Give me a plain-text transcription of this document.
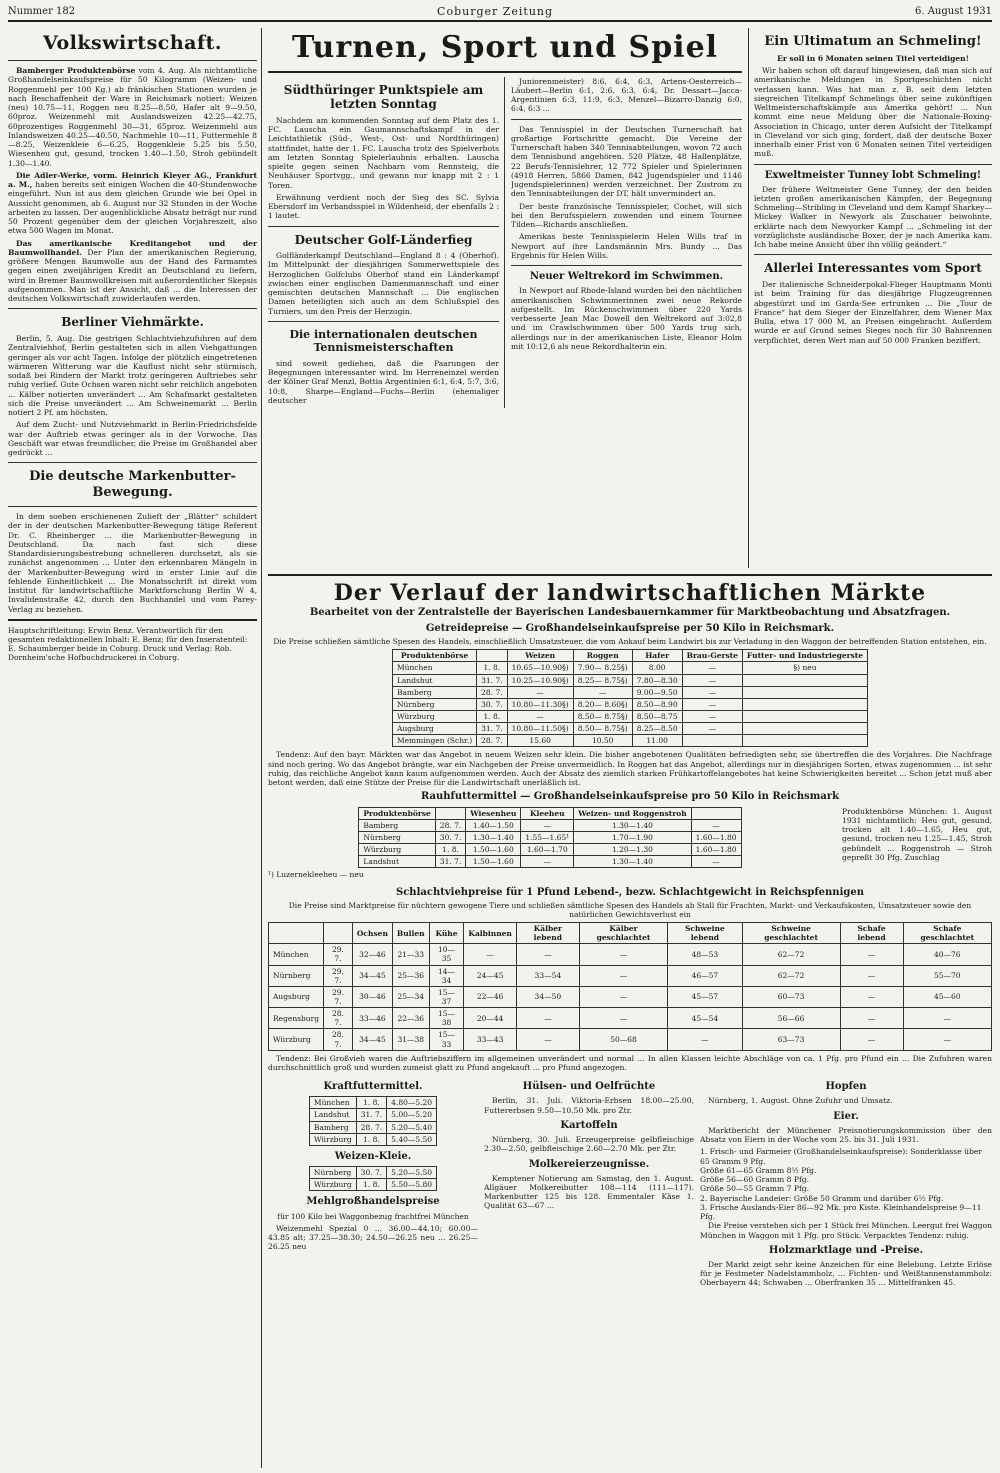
Nummer 182	Coburger Zeitung	6. August 1931
Volkswirtschaft.

Bamberger Produktenbörse vom 4. Aug. Als nichtamtliche Großhandelseinkaufspreise für 50 Kilogramm (Weizen- und Roggenmehl per 100 Kg.) ab fränkischen Stationen wurden je nach Beschaffenheit der Ware in Reichsmark notiert: Weizen (neu) 10.75—11, Roggen neu 8.25—8.50, Hafer alt 9—9.50, 60proz. Weizenmehl mit Auslandsweizen 42.25—42.75, 60prozentiges Roggenmehl 30—31, 65proz. Weizenmehl aus Inlandsweizen 40.25—40.50, Nachmehle 10—11, Futtermehle 8—8.25, Weizenkleie 6—6.25, Roggenkleie 5.25 bis 5.50, Wiesenheu gut, gesund, trocken 1.40—1.50, Stroh gebündelt 1.30—1.40.

Die Adler-Werke, vorm. Heinrich Kleyer AG., Frankfurt a. M., haben bereits seit einigen Wochen die 40-Stundenwoche eingeführt. Nun ist aus dem gleichen Grunde wie bei Opel in Aussicht genommen, ab 6. August nur 32 Stunden in der Woche arbeiten zu lassen. Der augenblickliche Absatz beträgt nur rund 50 Prozent gegenüber dem der gleichen Vorjahreszeit, also etwa 500 Wagen im Monat.

Das amerikanische Kreditangebot und der Baumwollhandel. Der Plan der amerikanischen Regierung, größere Mengen Baumwolle aus der Hand des Farmamtes gegen einen zweijährigen Kredit an Deutschland zu liefern, wird in Bremer Baumwollkreisen mit außerordentlicher Skepsis aufgenommen. Man ist der Ansicht, daß ... die Interessen der deutschen Volkswirtschaft zuwiderlaufen werden.

Berliner Viehmärkte.

Berlin, 5. Aug. Die gestrigen Schlachtviehzufuhren auf dem Zentralviehhof, Berlin gestalteten sich in allen Viehgattungen geringer als vor acht Tagen. Infolge der plötzlich eingetretenen wärmeren Witterung war die Kauflust nicht sehr stürmisch, sodaß bei Rindern der Markt trotz geringeren Auftriebes sehr ruhig verlief. Gute Ochsen waren nicht sehr reichlich angeboten ... Kälber notierten unverändert ... Am Schafmarkt gestalteten sich die Preise unverändert ... Am Schweinemarkt ... Berlin notiert 2 Pf. am höchsten.

Auf dem Zucht- und Nutzviehmarkt in Berlin-Friedrichsfelde war der Auftrieb etwas geringer als in der Vorwoche. Das Geschäft war etwas freundlicher, die Preise im Großhandel aber gedrückt ...

Die deutsche Markenbutter-Bewegung.

In dem soeben erschienenen Zulieft der „Blätter“ schildert der in der deutschen Markenbutter-Bewegung tätige Referent Dr. C. Rheinberger ... die Markenbutter-Bewegung in Deutschland. Da nach fast sich diese Standardisierungsbestrebung schnelleren durchsetzt, als sie zunächst angenommen ... Unter den erkennbaren Mängeln in der Markenbutter-Bewegung wird in erster Linie auf die fehlende Einheitlichkeit ... Die Monatsschrift ist direkt vom Institut für landwirtschaftliche Marktforschung Berlin W 4, Invalidenstraße 42, durch den Buchhandel und vom Parey-Verlag zu beziehen.

Hauptschriftleitung: Erwin Benz. Verantwortlich für den gesamten redaktionellen Inhalt: E. Benz; für den Inseratenteil: E. Schaumberger beide in Coburg. Druck und Verlag: Rob. Dornheim'sche Hofbuchdruckerei in Coburg.
Turnen, Sport und Spiel
Südthüringer Punktspiele am letzten Sonntag

Nachdem am kommenden Sonntag auf dem Platz des 1. FC. Lauscha ein Gaumannschaftskampf in der Leichtathletik (Süd-, West-, Ost- und Nordthüringen) stattfindet, hatte der 1. FC. Lauscha trotz des Spielverbots am letzten Sonntag Spielerlaubnis erhalten. Lauscha spielte gegen seinen Nachbarn vom Rennsteig, die Neuhäuser Sportvgg., und gewann nur knapp mit 2 : 1 Toren.

Erwähnung verdient noch der Sieg des SC. Sylvia Ebersdorf im Verbandsspiel in Wildenheid, der ebenfalls 2 : 1 lautet.

Deutscher Golf-Länderfieg

Golfländerkampf Deutschland—England 8 : 4 (Oberhof). Im Mittelpunkt der diesjährigen Sommerwettspiele des Herzoglichen Golfclubs Oberhof stand ein Länderkampf zwischen einer englischen Damenmannschaft und einer gemischten deutschen Mannschaft ... Die englischen Damen beteiligten sich auch an dem Schlußspiel des Turniers, um den Preis der Herzogin.

Die internationalen deutschen Tennismeisterschaften

sind soweit gediehen, daß die Paarungen der Begegnungen interessanter wird. Im Herreneinzel werden der Kölner Graf Menzl, Bottia Argentinien 6:1, 6:4, 5:7, 3:6, 10:8, Sharpe—England—Fuchs—Berlin (ehemaliger deutscher

Juniorenmeister) 8:6, 6:4, 6:3, Artens-Oesterreich—Läubert—Berlin 6:1, 2:6, 6:3, 6:4, Dr. Dessart—Jacca-Argentinien 6:3, 11:9, 6:3, Menzel—Bizarro-Danzig 6:0, 6:4, 6:3 ...

Das Tennisspiel in der Deutschen Turnerschaft hat großartige Fortschritte gemacht. Die Vereine der Turnerschaft haben 340 Tennisabteilungen, wovon 72 auch dem Tennisbund angehören. 520 Plätze, 48 Hallenplätze, 22 Berufs-Tennislehrer, 12 772 Spieler und Spielerinnen (4918 Herren, 5866 Damen, 842 Jugendspieler und 1146 Jugendspielerinnen) werden verzeichnet. Der Zustrom zu den Tennisabteilungen der DT. hält unvermindert an.

Der beste französische Tennisspieler, Cochet, will sich bei den Berufsspielern zuwenden und einem Tournee Tilden—Richards anschließen.

Amerikas beste Tennisspielerin Helen Wills traf in Newport auf ihre Landsmännin Mrs. Bundy ... Das Ergebnis für Helen Wills.

Neuer Weltrekord im Schwimmen.

In Newport auf Rhode-Island wurden bei den nächtlichen amerikanischen Schwimmerinnen zwei neue Rekorde aufgestellt. Im Rückenschwimmen über 220 Yards verbesserte Jean Mac Dowell den Weltrekord auf 3:02,8 und im Crawlschwimmen über 500 Yards trug sich, allerdings nur in der amerikanischen Liste, Eleanor Holm mit 10:12,6 als neue Rekordhalterin ein.

Ein Ultimatum an Schmeling!
Er soll in 6 Monaten seinen Titel verteidigen!

Wir haben schon oft darauf hingewiesen, daß man sich auf amerikanische Meldungen in Sportgeschichten nicht verlassen kann. Was hat man z. B. seit dem letzten siegreichen Titelkampf Schmelings über seine zukünftigen Weltmeisterschaftskämpfe aus Amerika gehört! ... Nun kommt eine neue Meldung über die Nationale-Boxing-Association in Chicago, unter deren Aufsicht der Titelkampf in Cleveland vor sich ging, fordert, daß der deutsche Boxer innerhalb einer Frist von 6 Monaten seinen Titel verteidigen muß.

Exweltmeister Tunney lobt Schmeling!

Der frühere Weltmeister Gene Tunney, der den beiden letzten großen amerikanischen Kämpfen, der Begegnung Schmeling—Stribling in Cleveland und dem Kampf Sharkey—Mickey Walker in Newyork als Zuschauer beiwohnte, erklärte nach dem Newyorker Kampf ... „Schmeling ist der vorzüglichste ausländische Boxer, der je nach Amerika kam. Ich habe meine Ansicht über ihn völlig geändert.“

Allerlei Interessantes vom Sport

Der italienische Schneiderpokal-Flieger Hauptmann Monti ist beim Training für das diesjährige Flugzeugrennen abgestürzt und im Garda-See ertrunken ... Die „Tour de France“ hat dem Sieger der Einzelfahrer, dem Wiener Max Bulla, etwa 17 000 M. an Preisen eingebracht. Außerdem wurde er auf Grund seines Sieges noch für 30 Bahnrennen verpflichtet, deren Wert man auf 50 000 Franken beziffert.

Der Verlauf der landwirtschaftlichen Märkte
Bearbeitet von der Zentralstelle der Bayerischen Landesbauernkammer für Marktbeobachtung und Absatzfragen.
Getreidepreise — Großhandelseinkaufspreise per 50 Kilo in Reichsmark.
Die Preise schließen sämtliche Spesen des Handels, einschließlich Umsatzsteuer, die vom Ankauf beim Landwirt bis zur Verladung in den Waggon der betreffenden Station entstehen, ein.
Produktenbörse		Weizen	Roggen	Hafer	Brau-Gerste	Futter- und Industriegerste
München	1. 8.	10.65—10.90§)	7.90— 8.25§)	8.00	—	§) neu
Landshut	31. 7.	10.25—10.90§)	8.25— 8.75§)	7.80—8.30	—	
Bamberg	28. 7.	—	—	9.00—9.50	—	
Nürnberg	30. 7.	10.80—11.30§)	8.20— 8.60§)	8.50—8.90	—	
Würzburg	1. 8.	—	8.50— 8.75§)	8.50—8.75	—	
Augsburg	31. 7.	10.80—11.50§)	8.50— 8.75§)	8.25—8.50	—	
Memmingen (Schr.)	28. 7.	15.60	10.50	11.00		

Tendenz: Auf den bayr. Märkten war das Angebot in neuem Weizen sehr klein. Die bisher angebotenen Qualitäten befriedigten sehr, sie übertreffen die des Vorjahres. Die Nachfrage sind noch gering. Wo das Angebot brängte, war ein Nachgeben der Preise unvermeidlich. In Roggen hat das Angebot, allerdings nur in diesjährigen Sorten, etwas zugenommen ... ist sehr ruhig, das reichliche Angebot kann kaum aufgenommen werden. Auch der Absatz des ziemlich starken Frühkartoffelangebotes hat keine Schwierigkeiten bereitet ... Schon jetzt muß aber betont werden, daß eine Stütze der Preise für die Landwirtschaft unerläßlich ist.

Rauhfuttermittel — Großhandelseinkaufspreise pro 50 Kilo in Reichsmark
Produktenbörse		Wiesenheu	Kleeheu	Weizen- und Roggenstroh	
Bamberg	28. 7.	1.40—1.50	—	1.30—1.40	—
Nürnberg	30. 7.	1.30—1.40	1.55—1.65¹	1.70—1.90	1.60—1.80
Würzburg	1. 8.	1.50—1.60	1.60—1.70	1.20—1.30	1.60—1.80
Landshut	31. 7.	1.50—1.60	—	1.30—1.40	—
¹) Luzernekleeheu — neu

Produktenbörse München: 1. August 1931 nichtamtlich: Heu gut, gesund, trocken alt 1.40—1.65, Heu gut, gesund, trocken neu 1.25—1.45, Stroh gebündelt ... Roggenstroh — Stroh gepreßt 30 Pfg. Zuschlag

Schlachtviehpreise für 1 Pfund Lebend-, bezw. Schlachtgewicht in Reichspfennigen
Die Preise sind Marktpreise für nüchtern gewogene Tiere und schließen sämtliche Spesen des Handels ab Stall für Frachten, Markt- und Verkaufskosten, Umsatzsteuer sowie den natürlichen Gewichtsverlust ein
		Ochsen	Bullen	Kühe	Kalbinnen	Kälber lebend	Kälber geschlachtet	Schweine lebend	Schweine geschlachtet	Schafe lebend	Schafe geschlachtet
München	29. 7.	32—46	21—33	10—35	—	—	—	48—53	62—72	—	40—76
Nürnberg	29. 7.	34—45	25—36	14—34	24—45	33—54	—	46—57	62—72	—	55—70
Augsburg	29. 7.	30—46	25—34	15—37	22—46	34—50	—	45—57	60—73	—	45—60
Regensburg	28. 7.	33—46	22—36	15—38	20—44	—	—	45—54	56—66	—	—
Würzburg	28. 7.	34—45	31—38	15—33	33—43	—	50—68	—	63—73	—	—

Tendenz: Bei Großvieh waren die Auftriebsziffern im allgemeinen unverändert und normal ... In allen Klassen leichte Abschläge von ca. 1 Pfg. pro Pfund ein ... Die Zufuhren waren durchschnittlich groß und wurden zumeist glatt zu Pfund angekauft ... pro Pfund angezogen.

Kraftfuttermittel.
München	1. 8.	4.80—5.20
Landshut	31. 7.	5.00—5.20
Bamberg	28. 7.	5.20—5.40
Würzburg	1. 8.	5.40—5.50
Weizen-Kleie.
Nürnberg	30. 7.	5.20—5.50
Würzburg	1. 8.	5.50—5.80
Mehlgroßhandelspreise
für 100 Kilo bei Waggonbezug frachtfrei München

Weizenmehl Spezial 0 ... 36.00—44.10; 60.00—43.85 alt; 37.25—38.30; 24.50—26.25 neu ... 26.25—26.25 neu

Hülsen- und Oelfrüchte

Berlin, 31. Juli. Viktoria-Erbsen 18.00—25.00, Futtererbsen 9.50—10.50 Mk. pro Ztr.

Kartoffeln

Nürnberg, 30. Juli. Erzeugerpreise gelbfleischige 2.30—2.50, gelbfleischige 2.60—2.70 Mk. per Ztr.

Molkereierzeugnisse.

Kemptener Notierung am Samstag, den 1. August. Allgäuer Molkereibutter 108—114 (111—117). Markenbutter 125 bis 128. Emmentaler Käse 1. Qualität 63—67 ...

Hopfen

Nürnberg, 1. August. Ohne Zufuhr und Umsatz.

Eier.

Marktbericht der Münchener Preisnotierungskommission über den Absatz von Eiern in der Woche vom 25. bis 31. Juli 1931.

1. Frisch- und Farmeier (Großhandelseinkaufspreise): Sonderklasse über 65 Gramm 9 Pfg.
Größe 61—65 Gramm 8½ Pfg.
Größe 56—60 Gramm 8 Pfg.
Größe 50—55 Gramm 7 Pfg.
2. Bayerische Landeier: Größe 50 Gramm und darüber 6½ Pfg.
3. Frische Auslands-Eier 86—92 Mk. pro Kiste. Kleinhandelspreise 9—11 Pfg.

Die Preise verstehen sich per 1 Stück frei München. Leergut frei Waggon München in Waggon mit 1 Pfg. pro Stück. Verpacktes Tendenz: ruhig.

Holzmarktlage und -Preise.

Der Markt zeigt sehr keine Anzeichen für eine Belebung. Letzte Erlöse für je Festmeter Nadelstammholz, ... Fichten- und Weißtannenstammholz: Oberbayern 44; Schwaben ... Oberfranken 35 ... Mittelfranken 45.
